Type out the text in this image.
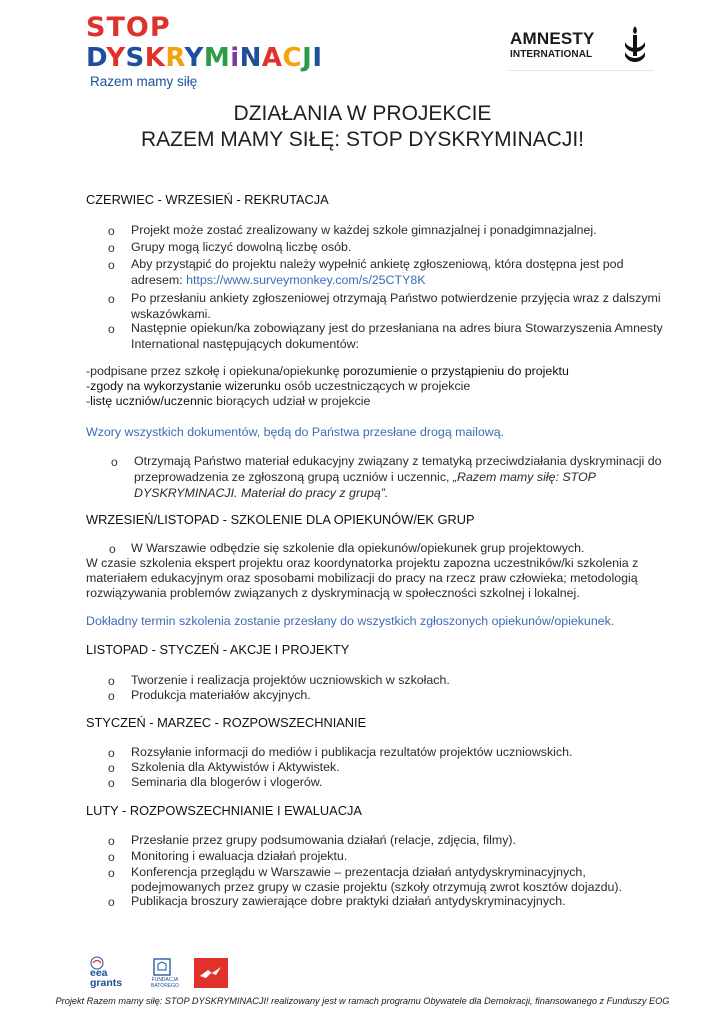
STOP
DYSKRYMiNACJI
Razem mamy siłę
AMNESTY
INTERNATIONAL
DZIAŁANIA W PROJEKCIE
RAZEM MAMY SIŁĘ: STOP DYSKRYMINACJI!
CZERWIEC - WRZESIEŃ - REKRUTACJA
o	Projekt może zostać zrealizowany w każdej szkole gimnazjalnej i ponadgimnazjalnej.
o	Grupy mogą liczyć dowolną liczbę osób.
o	Aby przystąpić do projektu należy wypełnić ankietę zgłoszeniową, która dostępna jest pod
adresem: https://www.surveymonkey.com/s/25CTY8K
o	Po przesłaniu ankiety zgłoszeniowej otrzymają Państwo potwierdzenie przyjęcia wraz z dalszymi
wskazówkami.
o	Następnie opiekun/ka zobowiązany jest do przesłaniana na adres biura Stowarzyszenia Amnesty
International następujących dokumentów:
-podpisane przez szkołę i opiekuna/opiekunkę porozumienie o przystąpieniu do projektu
-zgody na wykorzystanie wizerunku osób uczestniczących w projekcie
-listę uczniów/uczennic biorących udział w projekcie
Wzory wszystkich dokumentów, będą do Państwa przesłane drogą mailową.
o	Otrzymają Państwo materiał edukacyjny związany z tematyką przeciwdziałania dyskryminacji do
przeprowadzenia ze zgłoszoną grupą uczniów i uczennic, „Razem mamy siłę: STOP
DYSKRYMINACJI. Materiał do pracy z grupą”.
WRZESIEŃ/LISTOPAD - SZKOLENIE DLA OPIEKUNÓW/EK GRUP
o	W Warszawie odbędzie się szkolenie dla opiekunów/opiekunek grup projektowych.
W czasie szkolenia ekspert projektu oraz koordynatorka projektu zapozna uczestników/ki szkolenia z
materiałem edukacyjnym oraz sposobami mobilizacji do pracy na rzecz praw człowieka; metodologią
rozwiązywania problemów związanych z dyskryminacją w społeczności szkolnej i lokalnej.
Dokładny termin szkolenia zostanie przesłany do wszystkich zgłoszonych opiekunów/opiekunek.
LISTOPAD - STYCZEŃ - AKCJE I PROJEKTY
o	Tworzenie i realizacja projektów uczniowskich w szkołach.
o	Produkcja materiałów akcyjnych.
STYCZEŃ - MARZEC - ROZPOWSZECHNIANIE
o	Rozsyłanie informacji do mediów i publikacja rezultatów projektów uczniowskich.
o	Szkolenia dla Aktywistów i Aktywistek.
o	Seminaria dla blogerów i vlogerów.
LUTY - ROZPOWSZECHNIANIE I EWALUACJA
o	Przesłanie przez grupy podsumowania działań (relacje, zdjęcia, filmy).
o	Monitoring i ewaluacja działań projektu.
o	Konferencja przeglądu w Warszawie – prezentacja działań antydyskryminacyjnych,
podejmowanych przez grupy w czasie projektu (szkoły otrzymują zwrot kosztów dojazdu).
o	Publikacja broszury zawierające dobre praktyki działań antydyskryminacyjnych.
eea grants	FUNDACJA BATOREGO
Projekt Razem mamy siłę: STOP DYSKRYMINACJI! realizowany jest w ramach programu Obywatele dla Demokracji, finansowanego z Funduszy EOG
